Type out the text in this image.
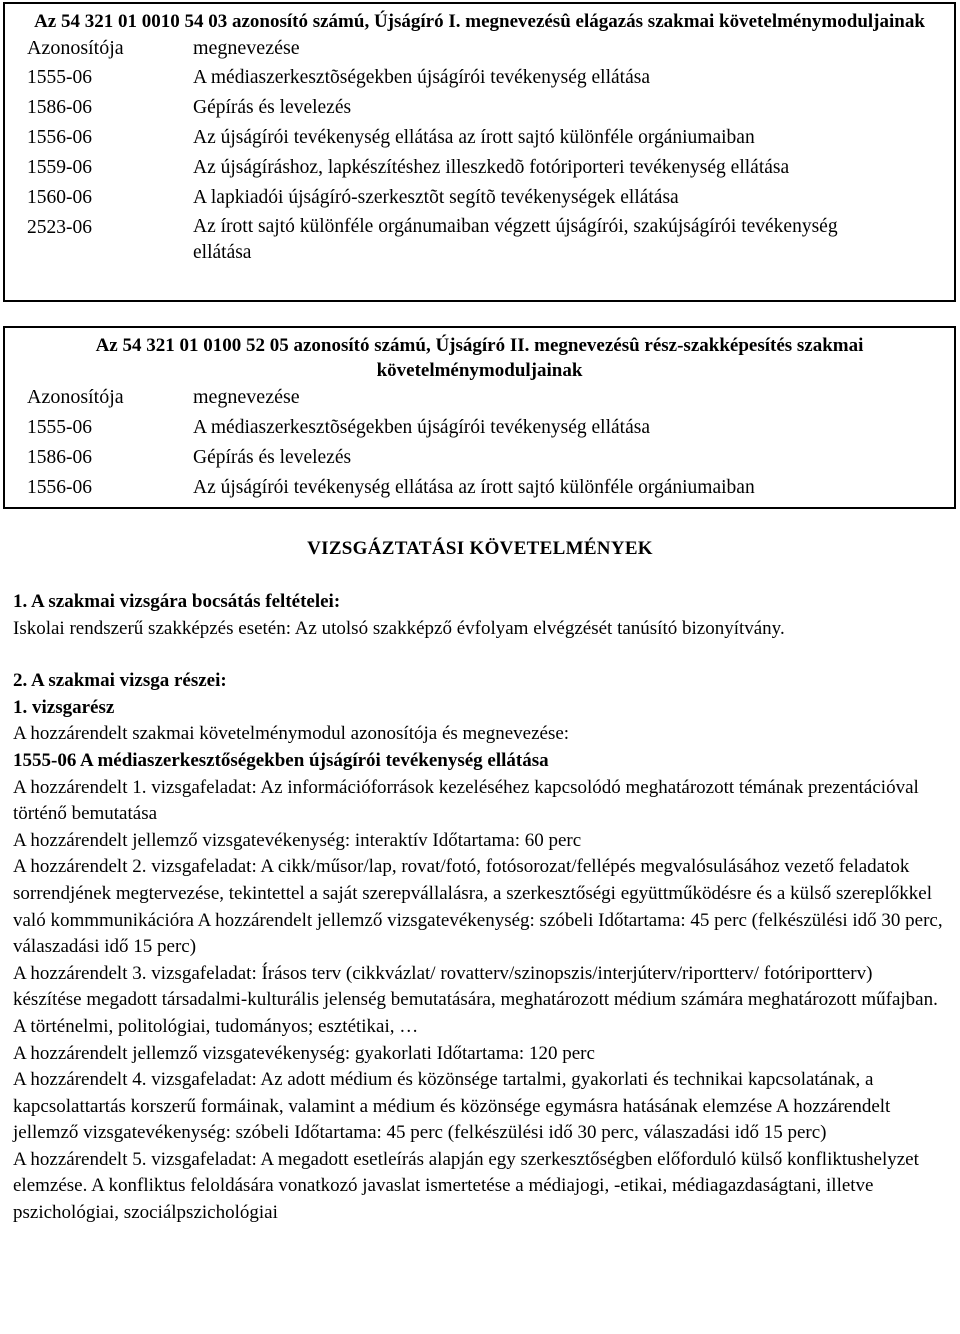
Az 54 321 01 0010 54 03 azonosító számú, Újságíró I. megnevezésû elágazás szakmai követelménymoduljainak
Azonosítója	megnevezése
1555-06	A médiaszerkesztõségekben újságírói tevékenység ellátása
1586-06	Gépírás és levelezés
1556-06	Az újságírói tevékenység ellátása az írott sajtó különféle orgániumaiban
1559-06	Az újságíráshoz, lapkészítéshez illeszkedõ fotóriporteri tevékenység ellátása
1560-06	A lapkiadói újságíró-szerkesztõt segítõ tevékenységek ellátása
2523-06	Az írott sajtó különféle orgánumaiban végzett újságírói, szakújságírói tevékenység ellátása
Az 54 321 01 0100 52 05 azonosító számú, Újságíró II. megnevezésû rész-szakképesítés szakmai követelménymoduljainak
Azonosítója	megnevezése
1555-06	A médiaszerkesztõségekben újságírói tevékenység ellátása
1586-06	Gépírás és levelezés
1556-06	Az újságírói tevékenység ellátása az írott sajtó különféle orgániumaiban
VIZSGÁZTATÁSI KÖVETELMÉNYEK

1. A szakmai vizsgára bocsátás feltételei:

Iskolai rendszerű szakképzés esetén: Az utolsó szakképző évfolyam elvégzését tanúsító bizonyítvány.

2. A szakmai vizsga részei:

1. vizsgarész

A hozzárendelt szakmai követelménymodul azonosítója és megnevezése:

1555-06 A médiaszerkesztőségekben újságírói tevékenység ellátása

A hozzárendelt 1. vizsgafeladat: Az információforrások kezeléséhez kapcsolódó meghatározott témának prezentációval történő bemutatása

A hozzárendelt jellemző vizsgatevékenység: interaktív Időtartama: 60 perc

A hozzárendelt 2. vizsgafeladat: A cikk/műsor/lap, rovat/fotó, fotósorozat/fellépés megvalósulásához vezető feladatok sorrendjének megtervezése, tekintettel a saját szerepvállalásra, a szerkesztőségi együttműködésre és a külső szereplőkkel való kommmunikációra A hozzárendelt jellemző vizsgatevékenység: szóbeli Időtartama: 45 perc (felkészülési idő 30 perc, válaszadási idő 15 perc)

A hozzárendelt 3. vizsgafeladat: Írásos terv (cikkvázlat/ rovatterv/szinopszis/interjúterv/riportterv/ fotóriportterv) készítése megadott társadalmi-kulturális jelenség bemutatására, meghatározott médium számára meghatározott műfajban. A történelmi, politológiai, tudományos; esztétikai, …

A hozzárendelt jellemző vizsgatevékenység: gyakorlati Időtartama: 120 perc

A hozzárendelt 4. vizsgafeladat: Az adott médium és közönsége tartalmi, gyakorlati és technikai kapcsolatának, a kapcsolattartás korszerű formáinak, valamint a médium és közönsége egymásra hatásának elemzése A hozzárendelt jellemző vizsgatevékenység: szóbeli Időtartama: 45 perc (felkészülési idő 30 perc, válaszadási idő 15 perc)

A hozzárendelt 5. vizsgafeladat: A megadott esetleírás alapján egy szerkesztőségben előforduló külső konfliktushelyzet elemzése. A konfliktus feloldására vonatkozó javaslat ismertetése a médiajogi, -etikai, médiagazdaságtani, illetve pszichológiai, szociálpszichológiai
